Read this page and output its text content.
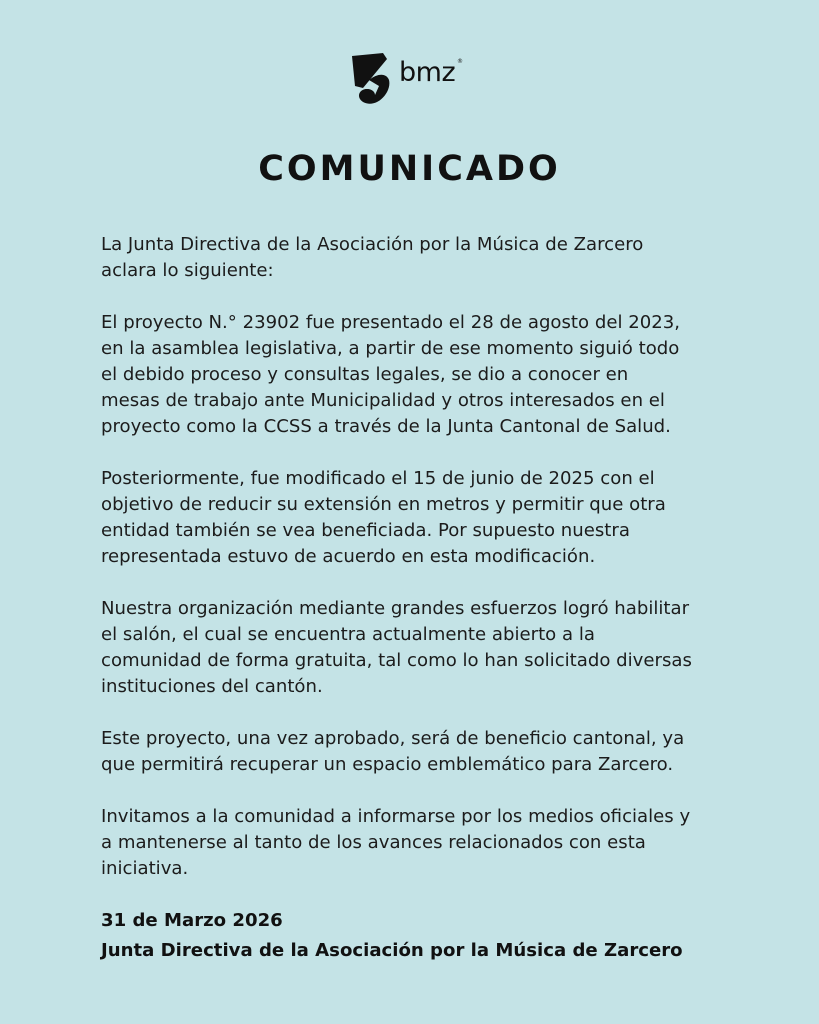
bmz ®
COMUNICADO

La Junta Directiva de la Asociación por la Música de Zarcero
aclara lo siguiente:

El proyecto N.° 23902 fue presentado el 28 de agosto del 2023,
en la asamblea legislativa, a partir de ese momento siguió todo
el debido proceso y consultas legales, se dio a conocer en
mesas de trabajo ante Municipalidad y otros interesados en el
proyecto como la CCSS a través de la Junta Cantonal de Salud.

Posteriormente, fue modificado el 15 de junio de 2025 con el
objetivo de reducir su extensión en metros y permitir que otra
entidad también se vea beneficiada. Por supuesto nuestra
representada estuvo de acuerdo en esta modificación.

Nuestra organización mediante grandes esfuerzos logró habilitar
el salón, el cual se encuentra actualmente abierto a la
comunidad de forma gratuita, tal como lo han solicitado diversas
instituciones del cantón.

Este proyecto, una vez aprobado, será de beneficio cantonal, ya
que permitirá recuperar un espacio emblemático para Zarcero.

Invitamos a la comunidad a informarse por los medios oficiales y
a mantenerse al tanto de los avances relacionados con esta
iniciativa.

31 de Marzo 2026
Junta Directiva de la Asociación por la Música de Zarcero
